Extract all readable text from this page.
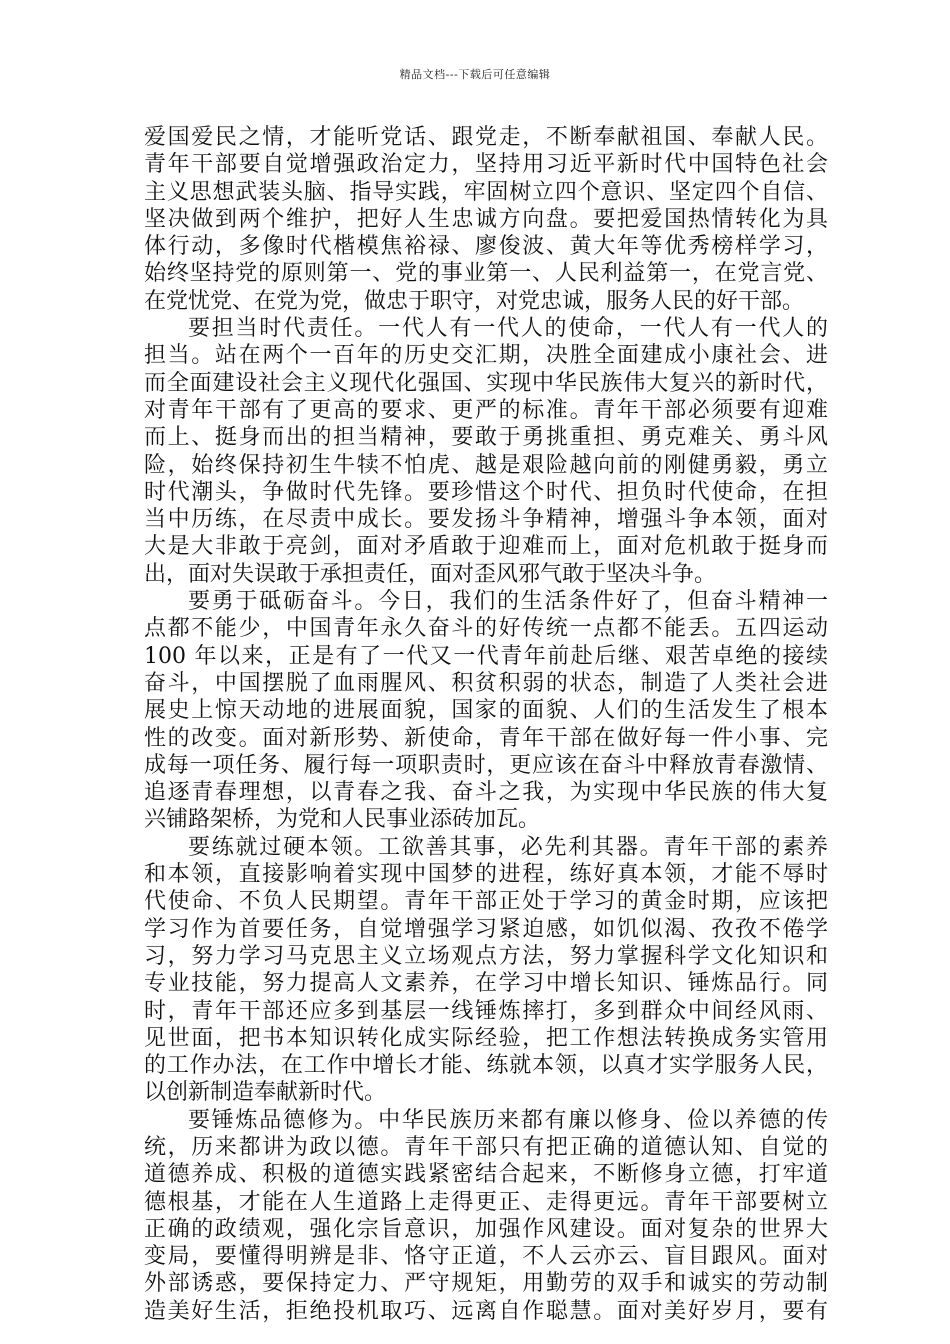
精品文档---下载后可任意编辑
爱国爱民之情，才能听党话、跟党走，不断奉献祖国、奉献人民。
青年干部要自觉增强政治定力，坚持用习近平新时代中国特色社会
主义思想武装头脑、指导实践，牢固树立四个意识、坚定四个自信、
坚决做到两个维护，把好人生忠诚方向盘。要把爱国热情转化为具
体行动，多像时代楷模焦裕禄、廖俊波、黄大年等优秀榜样学习，
始终坚持党的原则第一、党的事业第一、人民利益第一，在党言党、
在党忧党、在党为党，做忠于职守，对党忠诚，服务人民的好干部。
要担当时代责任。一代人有一代人的使命，一代人有一代人的
担当。站在两个一百年的历史交汇期，决胜全面建成小康社会、进
而全面建设社会主义现代化强国、实现中华民族伟大复兴的新时代，
对青年干部有了更高的要求、更严的标准。青年干部必须要有迎难
而上、挺身而出的担当精神，要敢于勇挑重担、勇克难关、勇斗风
险，始终保持初生牛犊不怕虎、越是艰险越向前的刚健勇毅，勇立
时代潮头，争做时代先锋。要珍惜这个时代、担负时代使命，在担
当中历练，在尽责中成长。要发扬斗争精神，增强斗争本领，面对
大是大非敢于亮剑，面对矛盾敢于迎难而上，面对危机敢于挺身而
出，面对失误敢于承担责任，面对歪风邪气敢于坚决斗争。
要勇于砥砺奋斗。今日，我们的生活条件好了，但奋斗精神一
点都不能少，中国青年永久奋斗的好传统一点都不能丢。五四运动
100 年以来，正是有了一代又一代青年前赴后继、艰苦卓绝的接续
奋斗，中国摆脱了血雨腥风、积贫积弱的状态，制造了人类社会进
展史上惊天动地的进展面貌，国家的面貌、人们的生活发生了根本
性的改变。面对新形势、新使命，青年干部在做好每一件小事、完
成每一项任务、履行每一项职责时，更应该在奋斗中释放青春激情、
追逐青春理想，以青春之我、奋斗之我，为实现中华民族的伟大复
兴铺路架桥，为党和人民事业添砖加瓦。
要练就过硬本领。工欲善其事，必先利其器。青年干部的素养
和本领，直接影响着实现中国梦的进程，练好真本领，才能不辱时
代使命、不负人民期望。青年干部正处于学习的黄金时期，应该把
学习作为首要任务，自觉增强学习紧迫感，如饥似渴、孜孜不倦学
习，努力学习马克思主义立场观点方法，努力掌握科学文化知识和
专业技能，努力提高人文素养，在学习中增长知识、锤炼品行。同
时，青年干部还应多到基层一线锤炼摔打，多到群众中间经风雨、
见世面，把书本知识转化成实际经验，把工作想法转换成务实管用
的工作办法，在工作中增长才能、练就本领，以真才实学服务人民，
以创新制造奉献新时代。
要锤炼品德修为。中华民族历来都有廉以修身、俭以养德的传
统，历来都讲为政以德。青年干部只有把正确的道德认知、自觉的
道德养成、积极的道德实践紧密结合起来，不断修身立德，打牢道
德根基，才能在人生道路上走得更正、走得更远。青年干部要树立
正确的政绩观，强化宗旨意识，加强作风建设。面对复杂的世界大
变局，要懂得明辨是非、恪守正道，不人云亦云、盲目跟风。面对
外部诱惑，要保持定力、严守规矩，用勤劳的双手和诚实的劳动制
造美好生活，拒绝投机取巧、远离自作聪慧。面对美好岁月，要有
